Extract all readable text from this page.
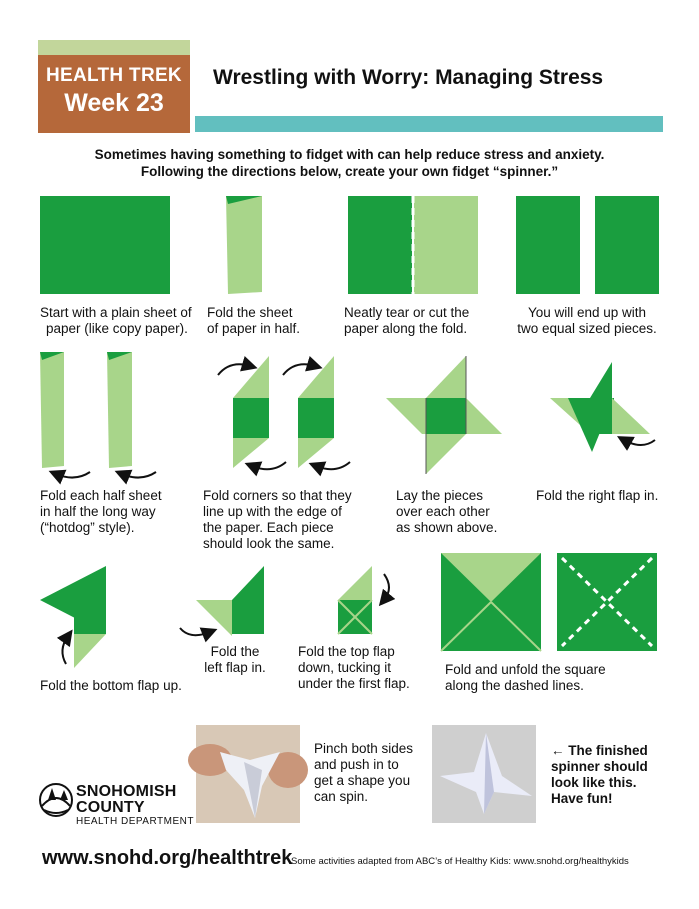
HEALTH TREK
Week 23
Wrestling with Worry: Managing Stress
Sometimes having something to fidget with can help reduce stress and anxiety.
Following the directions below, create your own fidget “spinner.”
Start with a plain sheet of
paper (like copy paper).
Fold the sheet
of paper in half.
Neatly tear or cut the
paper along the fold.
You will end up with
two equal sized pieces.
Fold each half sheet
in half the long way
(“hotdog” style).
Fold corners so that they
line up with the edge of
the paper. Each piece
should look the same.
Lay the pieces
over each other
as shown above.
Fold the right flap in.
Fold the bottom flap up.
Fold the
left flap in.
Fold the top flap
down, tucking it
under the first flap.
Fold and unfold the square
along the dashed lines.
Pinch both sides
and push in to
get a shape you
can spin.
← The finished
spinner should
look like this.
Have fun!
SNOHOMISH
COUNTY
HEALTH DEPARTMENT
www.snohd.org/healthtrek
Some activities adapted from ABC’s of Healthy Kids: www.snohd.org/healthykids
